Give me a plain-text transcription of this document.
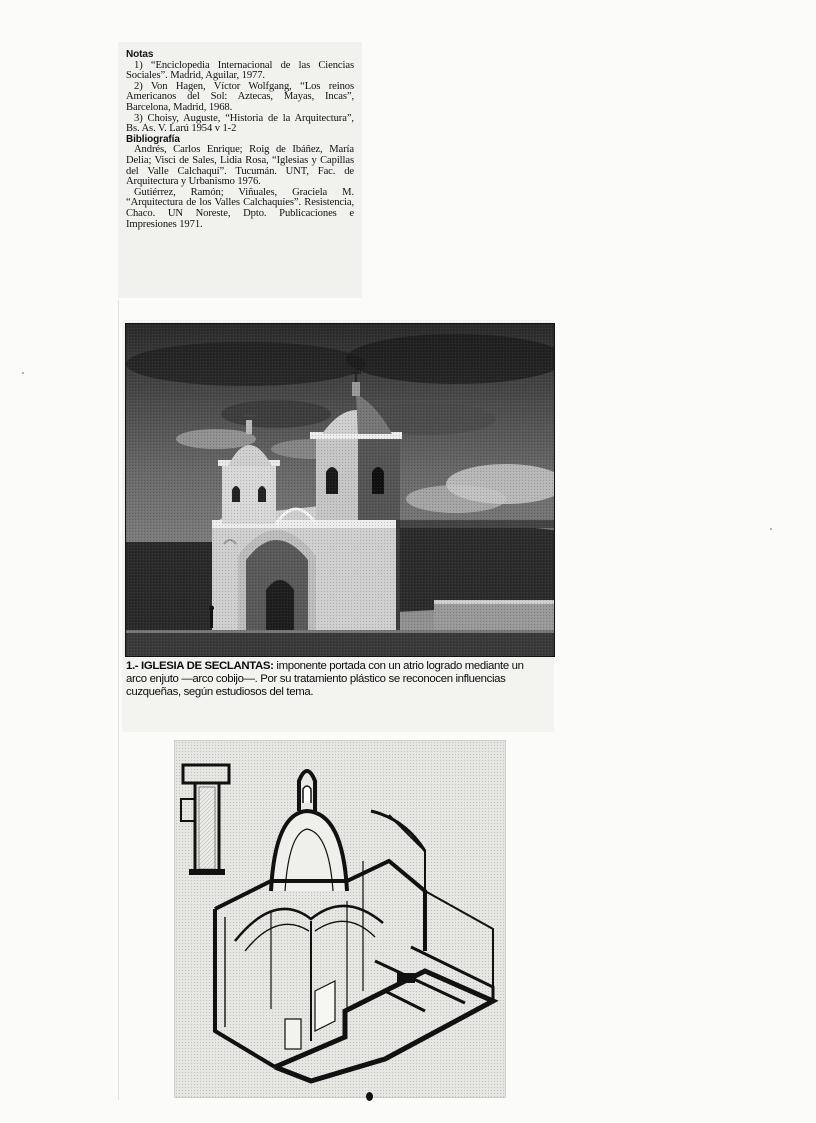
Notas

1) “Enciclopedia Internacional de las Ciencias Sociales”. Madrid, Aguilar, 1977.

2) Von Hagen, Víctor Wolfgang, “Los reinos Americanos del Sol: Aztecas, Mayas, Incas”, Barcelona, Madrid, 1968.

3) Choisy, Auguste, “Historia de la Arquitectura”, Bs. As. V. Larú 1954 v 1-2

Bibliografía

Andrés, Carlos Enrique; Roig de Ibáñez, María Delia; Visci de Sales, Lidia Rosa, “Iglesias y Capillas del Valle Calchaquí”. Tucumán. UNT, Fac. de Arquitectura y Urbanismo 1976.

Gutiérrez, Ramón; Viñuales, Graciela M. “Arquitectura de los Valles Calchaquíes”. Resistencia, Chaco. UN Noreste, Dpto. Publicaciones e Impresiones 1971.

1.- IGLESIA DE SECLANTAS: imponente portada con un atrio logrado mediante un arco enjuto —arco cobijo—. Por su tratamiento plástico se reconocen influencias cuzqueñas, según estudiosos del tema.
